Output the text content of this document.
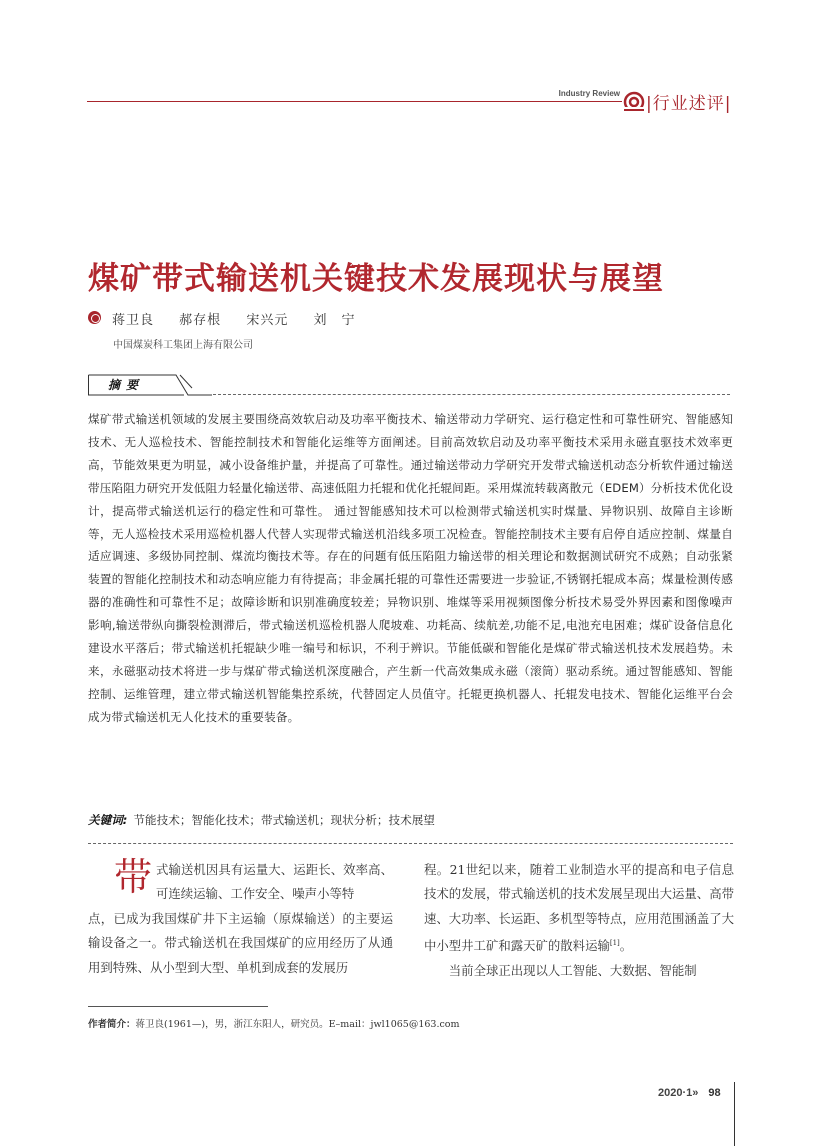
Industry Review
|行业述评|
煤矿带式输送机关键技术发展现状与展望
蒋卫良 郝存根 宋兴元 刘　宁
中国煤炭科工集团上海有限公司
摘要

煤矿带式输送机领域的发展主要围绕高效软启动及功率平衡技术、输送带动力学研究、运行稳定性和可靠性研究、智能感知技术、无人巡检技术、智能控制技术和智能化运维等方面阐述。目前高效软启动及功率平衡技术采用永磁直驱技术效率更高，节能效果更为明显，减小设备维护量，并提高了可靠性。通过输送带动力学研究开发带式输送机动态分析软件通过输送带压陷阻力研究开发低阻力轻量化输送带、高速低阻力托辊和优化托辊间距。采用煤流转载离散元（EDEM）分析技术优化设计，提高带式输送机运行的稳定性和可靠性。 通过智能感知技术可以检测带式输送机实时煤量、异物识别、故障自主诊断等，无人巡检技术采用巡检机器人代替人实现带式输送机沿线多项工况检查。智能控制技术主要有启停自适应控制、煤量自适应调速、多级协同控制、煤流均衡技术等。存在的问题有低压陷阻力输送带的相关理论和数据测试研究不成熟；自动张紧装置的智能化控制技术和动态响应能力有待提高；非金属托辊的可靠性还需要进一步验证,不锈钢托辊成本高；煤量检测传感器的准确性和可靠性不足；故障诊断和识别准确度较差；异物识别、堆煤等采用视频图像分析技术易受外界因素和图像噪声影响,输送带纵向撕裂检测滞后，带式输送机巡检机器人爬坡难、功耗高、续航差,功能不足,电池充电困难；煤矿设备信息化建设水平落后；带式输送机托辊缺少唯一编号和标识，不利于辨识。节能低碳和智能化是煤矿带式输送机技术发展趋势。未来，永磁驱动技术将进一步与煤矿带式输送机深度融合，产生新一代高效集成永磁（滚筒）驱动系统。通过智能感知、智能控制、运维管理，建立带式输送机智能集控系统，代替固定人员值守。托辊更换机器人、托辊发电技术、智能化运维平台会成为带式输送机无人化技术的重要装备。

关键词: 节能技术；智能化技术；带式输送机；现状分析；技术展望
带 式输送机因具有运量大、运距长、效率高、可连续运输、工作安全、噪声小等特

点，已成为我国煤矿井下主运输（原煤输送）的主要运输设备之一。带式输送机在我国煤矿的应用经历了从通用到特殊、从小型到大型、单机到成套的发展历

程。21世纪以来，随着工业制造水平的提高和电子信息技术的发展，带式输送机的技术发展呈现出大运量、高带速、大功率、长运距、多机型等特点，应用范围涵盖了大中小型井工矿和露天矿的散料运输[1]。

当前全球正出现以人工智能、大数据、智能制

作者简介：蒋卫良(1961—)，男，浙江东阳人，研究员。E–mail：jwl1065@163.com
2020·1» 98
